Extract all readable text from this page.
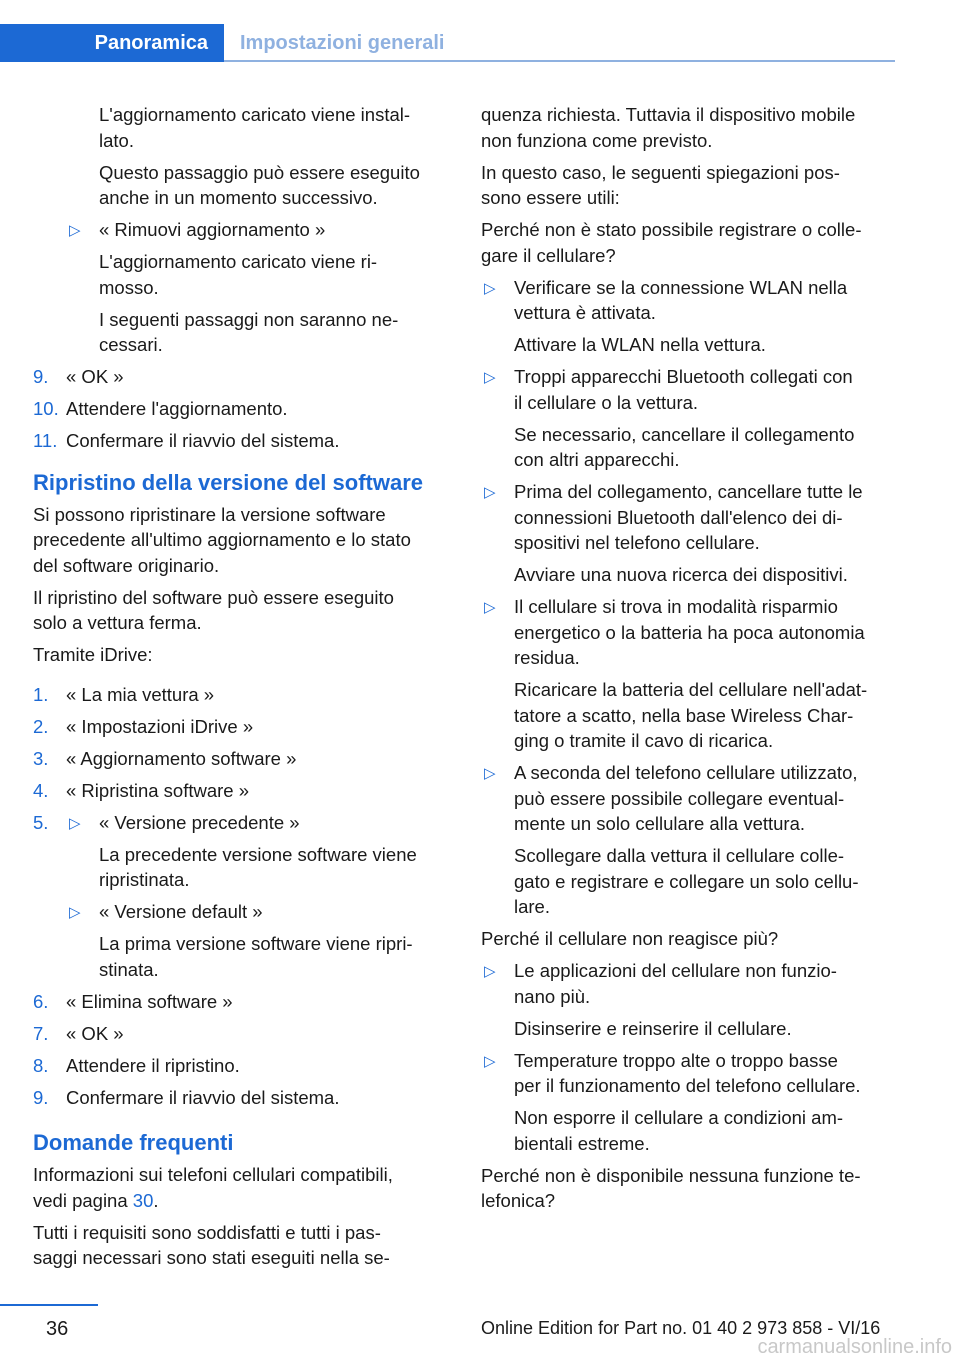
Panoramica	Impostazioni generali

L'aggiornamento caricato viene instal-
lato.

Questo passaggio può essere eseguito
anche in un momento successivo.

▷ « Rimuovi aggiornamento »

L'aggiornamento caricato viene ri-
mosso.

I seguenti passaggi non saranno ne-
cessari.

9. « OK »
10. Attendere l'aggiornamento.
11. Confermare il riavvio del sistema.
Ripristino della versione del software

Si possono ripristinare la versione software
precedente all'ultimo aggiornamento e lo stato
del software originario.

Il ripristino del software può essere eseguito
solo a vettura ferma.

Tramite iDrive:

1. « La mia vettura »
2. « Impostazioni iDrive »
3. « Aggiornamento software »
4. « Ripristina software »
5. ▷ « Versione precedente »

La precedente versione software viene
ripristinata.

▷ « Versione default »

La prima versione software viene ripri-
stinata.

6. « Elimina software »
7. « OK »
8. Attendere il ripristino.
9. Confermare il riavvio del sistema.
Domande frequenti

Informazioni sui telefoni cellulari compatibili,
vedi pagina 30.

Tutti i requisiti sono soddisfatti e tutti i pas-
saggi necessari sono stati eseguiti nella se-

quenza richiesta. Tuttavia il dispositivo mobile
non funziona come previsto.

In questo caso, le seguenti spiegazioni pos-
sono essere utili:

Perché non è stato possibile registrare o colle-
gare il cellulare?

▷ Verificare se la connessione WLAN nella
vettura è attivata.

Attivare la WLAN nella vettura.

▷ Troppi apparecchi Bluetooth collegati con
il cellulare o la vettura.

Se necessario, cancellare il collegamento
con altri apparecchi.

▷ Prima del collegamento, cancellare tutte le
connessioni Bluetooth dall'elenco dei di-
spositivi nel telefono cellulare.

Avviare una nuova ricerca dei dispositivi.

▷ Il cellulare si trova in modalità risparmio
energetico o la batteria ha poca autonomia
residua.

Ricaricare la batteria del cellulare nell'adat-
tatore a scatto, nella base Wireless Char-
ging o tramite il cavo di ricarica.

▷ A seconda del telefono cellulare utilizzato,
può essere possibile collegare eventual-
mente un solo cellulare alla vettura.

Scollegare dalla vettura il cellulare colle-
gato e registrare e collegare un solo cellu-
lare.

Perché il cellulare non reagisce più?

▷ Le applicazioni del cellulare non funzio-
nano più.

Disinserire e reinserire il cellulare.

▷ Temperature troppo alte o troppo basse
per il funzionamento del telefono cellulare.

Non esporre il cellulare a condizioni am-
bientali estreme.

Perché non è disponibile nessuna funzione te-
lefonica?

36	Online Edition for Part no. 01 40 2 973 858 - VI/16
carmanualsonline.info
